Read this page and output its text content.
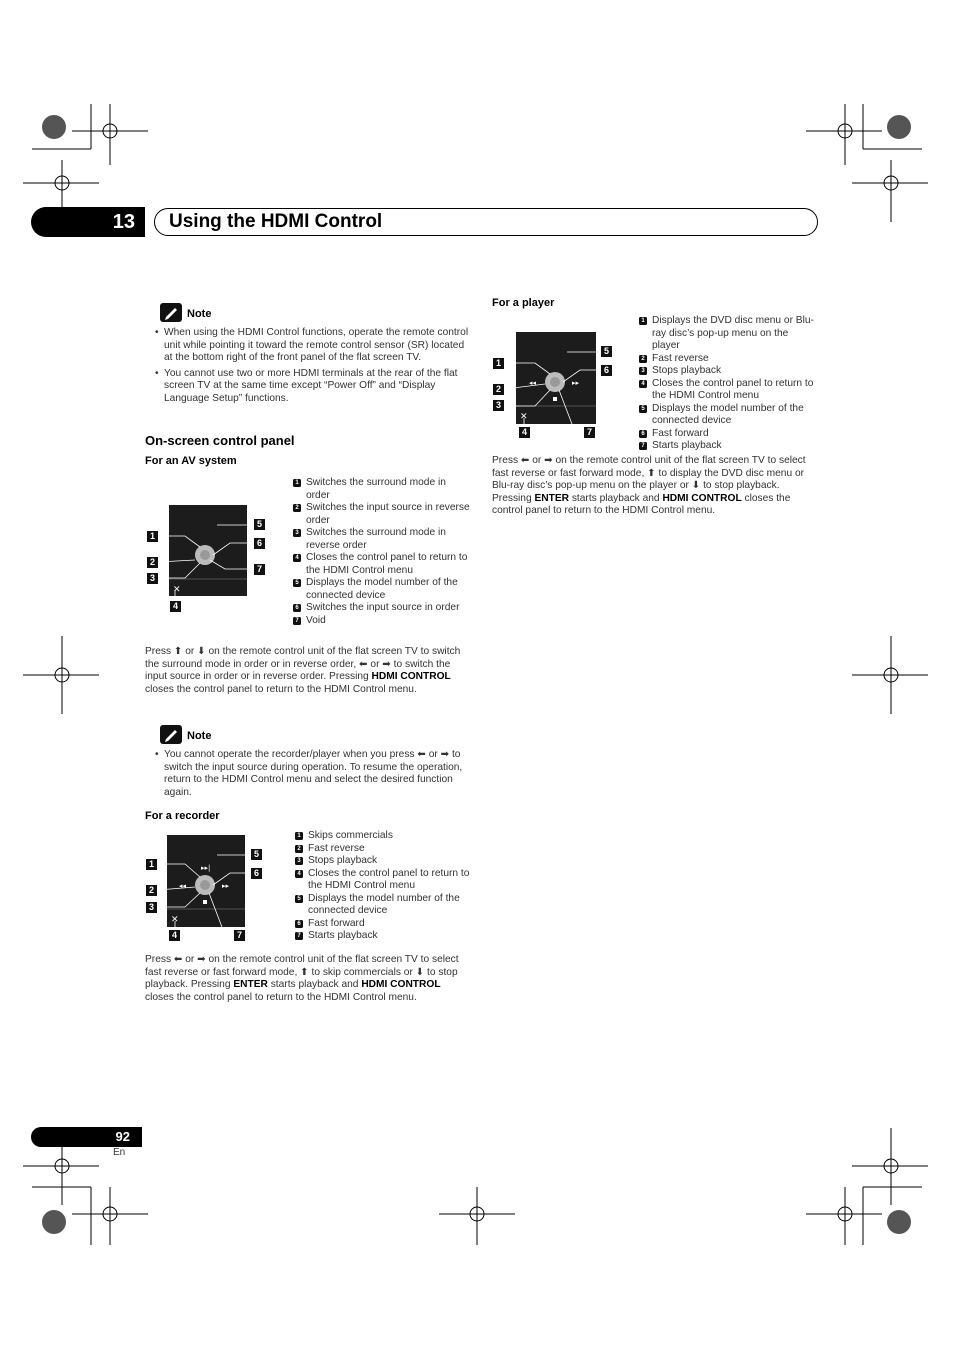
13	Using the HDMI Control
Note
• When using the HDMI Control functions, operate the remote control unit while pointing it toward the remote control sensor (SR) located at the bottom right of the front panel of the flat screen TV.
• You cannot use two or more HDMI terminals at the rear of the flat screen TV at the same time except “Power Off” and “Display Language Setup” functions.
On-screen control panel
For an AV system
✕
1
2
3
4
5
6
7
1 Switches the surround mode in order
2 Switches the input source in reverse order
3 Switches the surround mode in reverse order
4 Closes the control panel to return to the HDMI Control menu
5 Displays the model number of the connected device
6 Switches the input source in order
7 Void

Press ⬆ or ⬇ on the remote control unit of the flat screen TV to switch the surround mode in order or in reverse order, ⬅ or ➡ to switch the input source in order or in reverse order. Pressing HDMI CONTROL closes the control panel to return to the HDMI Control menu.

Note
• You cannot operate the recorder/player when you press ⬅ or ➡ to switch the input source during operation. To resume the operation, return to the HDMI Control menu and select the desired function again.
For a recorder
▸▸|
◂◂	▸▸
✕
1
2
3
4
5
6
7
1 Skips commercials
2 Fast reverse
3 Stops playback
4 Closes the control panel to return to the HDMI Control menu
5 Displays the model number of the connected device
6 Fast forward
7 Starts playback

Press ⬅ or ➡ on the remote control unit of the flat screen TV to select fast reverse or fast forward mode, ⬆ to skip commercials or ⬇ to stop playback. Pressing ENTER starts playback and HDMI CONTROL closes the control panel to return to the HDMI Control menu.

For a player
◂◂	▸▸
✕
1
2
3
4
5
6
7
1 Displays the DVD disc menu or Blu-ray disc’s pop-up menu on the player
2 Fast reverse
3 Stops playback
4 Closes the control panel to return to the HDMI Control menu
5 Displays the model number of the connected device
6 Fast forward
7 Starts playback

Press ⬅ or ➡ on the remote control unit of the flat screen TV to select fast reverse or fast forward mode, ⬆ to display the DVD disc menu or Blu-ray disc’s pop-up menu on the player or ⬇ to stop playback. Pressing ENTER starts playback and HDMI CONTROL closes the control panel to return to the HDMI Control menu.

92
En
